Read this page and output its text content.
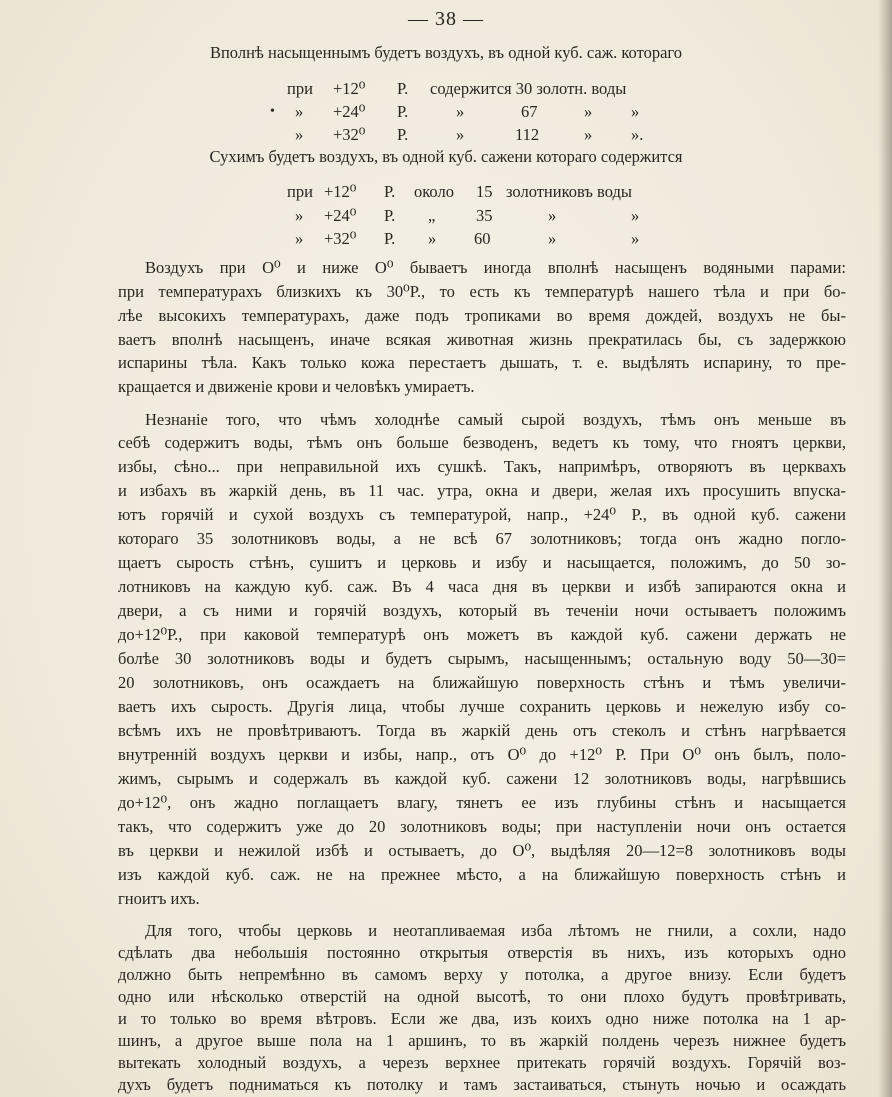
— 38 —
Вполнѣ насыщеннымъ будетъ воздухъ, въ одной куб. саж. котораго
при +12⁰ Р. содержится 30 золотн. воды
• » +24⁰ Р.	»	67	» »
» +32⁰ Р.	»	112	» ».
Сухимъ будетъ воздухъ, въ одной куб. сажени котораго содержится
при +12⁰ Р. около 15 золотниковъ воды
» +24⁰ Р. „ 35	»	»
» +32⁰ Р. » 60	»	»
Воздухъ при О⁰ и ниже О⁰ бываетъ иногда вполнѣ насыщенъ водяными парами:
при температурахъ близкихъ къ 30⁰Р., то есть къ температурѣ нашего тѣла и при бо-
лѣе высокихъ температурахъ, даже подъ тропиками во время дождей, воздухъ не бы-
ваетъ вполнѣ насыщенъ, иначе всякая животная жизнь прекратилась бы, съ задержкою
испарины тѣла. Какъ только кожа перестаетъ дышать, т. е. выдѣлять испарину, то пре-
кращается и движеніе крови и человѣкъ умираетъ.
Незнаніе того, что чѣмъ холоднѣе самый сырой воздухъ, тѣмъ онъ меньше въ
себѣ содержитъ воды, тѣмъ онъ больше безводенъ, ведетъ къ тому, что гноятъ церкви,
избы, сѣно... при неправильной ихъ сушкѣ. Такъ, напримѣръ, отворяютъ въ церквахъ
и избахъ въ жаркій день, въ 11 час. утра, окна и двери, желая ихъ просушить впуска-
ютъ горячій и сухой воздухъ съ температурой, напр., +24⁰ Р., въ одной куб. сажени
котораго 35 золотниковъ воды, а не всѣ 67 золотниковъ; тогда онъ жадно погло-
щаетъ сырость стѣнъ, сушитъ и церковь и избу и насыщается, положимъ, до 50 зо-
лотниковъ на каждую куб. саж. Въ 4 часа дня въ церкви и избѣ запираются окна и
двери, а съ ними и горячій воздухъ, который въ теченіи ночи остываетъ положимъ
до+12⁰Р., при каковой температурѣ онъ можетъ въ каждой куб. сажени держать не
болѣе 30 золотниковъ воды и будетъ сырымъ, насыщеннымъ; остальную воду 50—30=
20 золотниковъ, онъ осаждаетъ на ближайшую поверхность стѣнъ и тѣмъ увеличи-
ваетъ ихъ сырость. Другія лица, чтобы лучше сохранить церковь и нежелую избу со-
всѣмъ ихъ не провѣтриваютъ. Тогда въ жаркій день отъ стеколъ и стѣнъ нагрѣвается
внутренній воздухъ церкви и избы, напр., отъ О⁰ до +12⁰ Р. При О⁰ онъ былъ, поло-
жимъ, сырымъ и содержалъ въ каждой куб. сажени 12 золотниковъ воды, нагрѣвшись
до+12⁰, онъ жадно поглащаетъ влагу, тянетъ ее изъ глубины стѣнъ и насыщается
такъ, что содержитъ уже до 20 золотниковъ воды; при наступленіи ночи онъ остается
въ церкви и нежилой избѣ и остываетъ, до О⁰, выдѣляя 20—12=8 золотниковъ воды
изъ каждой куб. саж. не на прежнее мѣсто, а на ближайшую поверхность стѣнъ и
гноитъ ихъ.
Для того, чтобы церковь и неотапливаемая изба лѣтомъ не гнили, а сохли, надо
сдѣлать два небольшія постоянно открытыя отверстія въ нихъ, изъ которыхъ одно
должно быть непремѣнно въ самомъ верху у потолка, а другое внизу. Если будетъ
одно или нѣсколько отверстій на одной высотѣ, то они плохо будутъ провѣтривать,
и то только во время вѣтровъ. Если же два, изъ коихъ одно ниже потолка на 1 ар-
шинъ, а другое выше пола на 1 аршинъ, то въ жаркій полдень черезъ нижнее будетъ
вытекать холодный воздухъ, а черезъ верхнее притекать горячій воздухъ. Горячій воз-
духъ будетъ подниматься къ потолку и тамъ застаиваться, стынуть ночью и осаждать
